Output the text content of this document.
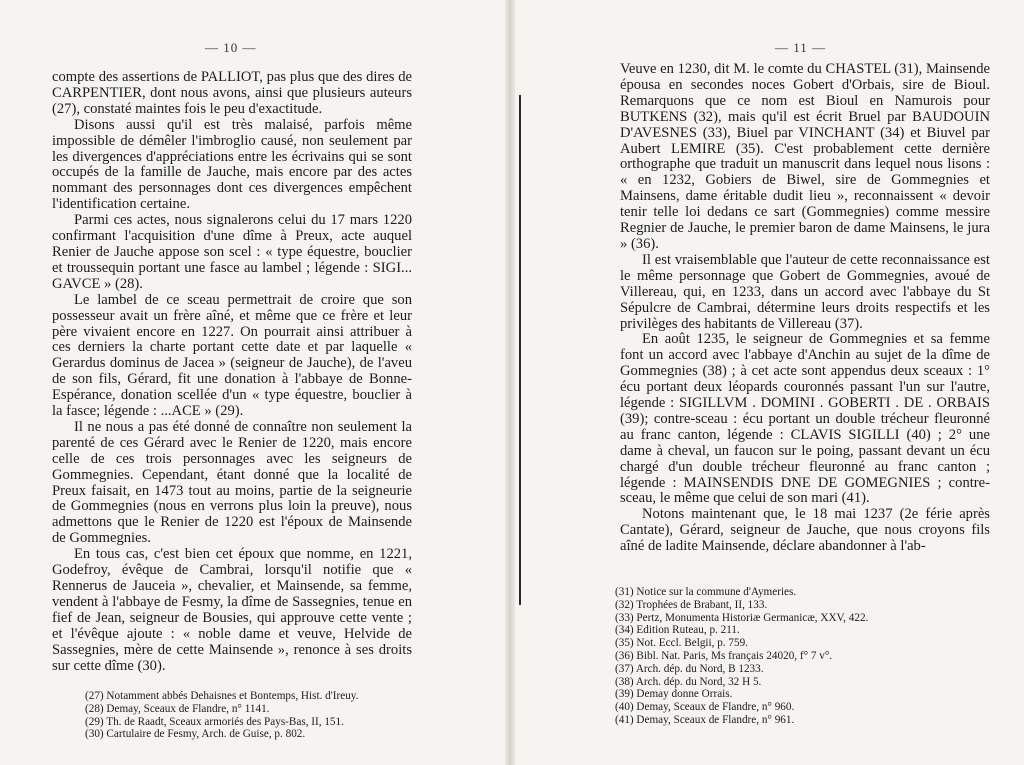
— 10 —

compte des assertions de PALLIOT, pas plus que des dires de CARPENTIER, dont nous avons, ainsi que plusieurs auteurs (27), constaté maintes fois le peu d'exactitude.

Disons aussi qu'il est très malaisé, parfois même impossible de démêler l'imbroglio causé, non seulement par les divergences d'appréciations entre les écrivains qui se sont occupés de la famille de Jauche, mais encore par des actes nommant des personnages dont ces divergences empêchent l'identification certaine.

Parmi ces actes, nous signalerons celui du 17 mars 1220 confirmant l'acquisition d'une dîme à Preux, acte auquel Renier de Jauche appose son scel : « type équestre, bouclier et troussequin portant une fasce au lambel ; légende : SIGI... GAVCE » (28).

Le lambel de ce sceau permettrait de croire que son possesseur avait un frère aîné, et même que ce frère et leur père vivaient encore en 1227. On pourrait ainsi attribuer à ces derniers la charte portant cette date et par laquelle « Gerardus dominus de Jacea » (seigneur de Jauche), de l'aveu de son fils, Gérard, fit une donation à l'abbaye de Bonne-Espérance, donation scellée d'un « type équestre, bouclier à la fasce; légende : ...ACE » (29).

Il ne nous a pas été donné de connaître non seulement la parenté de ces Gérard avec le Renier de 1220, mais encore celle de ces trois personnages avec les seigneurs de Gommegnies. Cependant, étant donné que la localité de Preux faisait, en 1473 tout au moins, partie de la seigneurie de Gommegnies (nous en verrons plus loin la preuve), nous admettons que le Renier de 1220 est l'époux de Mainsende de Gommegnies.

En tous cas, c'est bien cet époux que nomme, en 1221, Godefroy, évêque de Cambrai, lorsqu'il notifie que « Rennerus de Jauceia », chevalier, et Mainsende, sa femme, vendent à l'abbaye de Fesmy, la dîme de Sassegnies, tenue en fief de Jean, seigneur de Bousies, qui approuve cette vente ; et l'évêque ajoute : « noble dame et veuve, Helvide de Sassegnies, mère de cette Mainsende », renonce à ses droits sur cette dîme (30).

(27) Notamment abbés Dehaisnes et Bontemps, Hist. d'Ireuy.
(28) Demay, Sceaux de Flandre, n° 1141.
(29) Th. de Raadt, Sceaux armoriés des Pays-Bas, II, 151.
(30) Cartulaire de Fesmy, Arch. de Guise, p. 802.
— 11 —

Veuve en 1230, dit M. le comte du CHASTEL (31), Mainsende épousa en secondes noces Gobert d'Orbais, sire de Bioul. Remarquons que ce nom est Bioul en Namurois pour BUTKENS (32), mais qu'il est écrit Bruel par BAUDOUIN D'AVESNES (33), Biuel par VINCHANT (34) et Biuvel par Aubert LEMIRE (35). C'est probablement cette dernière orthographe que traduit un manuscrit dans lequel nous lisons : « en 1232, Gobiers de Biwel, sire de Gommegnies et Mainsens, dame éritable dudit lieu », reconnaissent « devoir tenir telle loi dedans ce sart (Gommegnies) comme messire Regnier de Jauche, le premier baron de dame Mainsens, le jura » (36).

Il est vraisemblable que l'auteur de cette reconnaissance est le même personnage que Gobert de Gommegnies, avoué de Villereau, qui, en 1233, dans un accord avec l'abbaye du St Sépulcre de Cambrai, détermine leurs droits respectifs et les privilèges des habitants de Villereau (37).

En août 1235, le seigneur de Gommegnies et sa femme font un accord avec l'abbaye d'Anchin au sujet de la dîme de Gommegnies (38) ; à cet acte sont appendus deux sceaux : 1° écu portant deux léopards couronnés passant l'un sur l'autre, légende : SIGILLVM . DOMINI . GOBERTI . DE . ORBAIS (39); contre-sceau : écu portant un double trécheur fleuronné au franc canton, légende : CLAVIS SIGILLI (40) ; 2° une dame à cheval, un faucon sur le poing, passant devant un écu chargé d'un double trécheur fleuronné au franc canton ; légende : MAINSENDIS DNE DE GOMEGNIES ; contre-sceau, le même que celui de son mari (41).

Notons maintenant que, le 18 mai 1237 (2e férie après Cantate), Gérard, seigneur de Jauche, que nous croyons fils aîné de ladite Mainsende, déclare abandonner à l'ab-

(31) Notice sur la commune d'Aymeries.
(32) Trophées de Brabant, II, 133.
(33) Pertz, Monumenta Historiæ Germanicæ, XXV, 422.
(34) Edition Ruteau, p. 211.
(35) Not. Eccl. Belgii, p. 759.
(36) Bibl. Nat. Paris, Ms français 24020, f° 7 v°.
(37) Arch. dép. du Nord, B 1233.
(38) Arch. dép. du Nord, 32 H 5.
(39) Demay donne Orrais.
(40) Demay, Sceaux de Flandre, n° 960.
(41) Demay, Sceaux de Flandre, n° 961.
